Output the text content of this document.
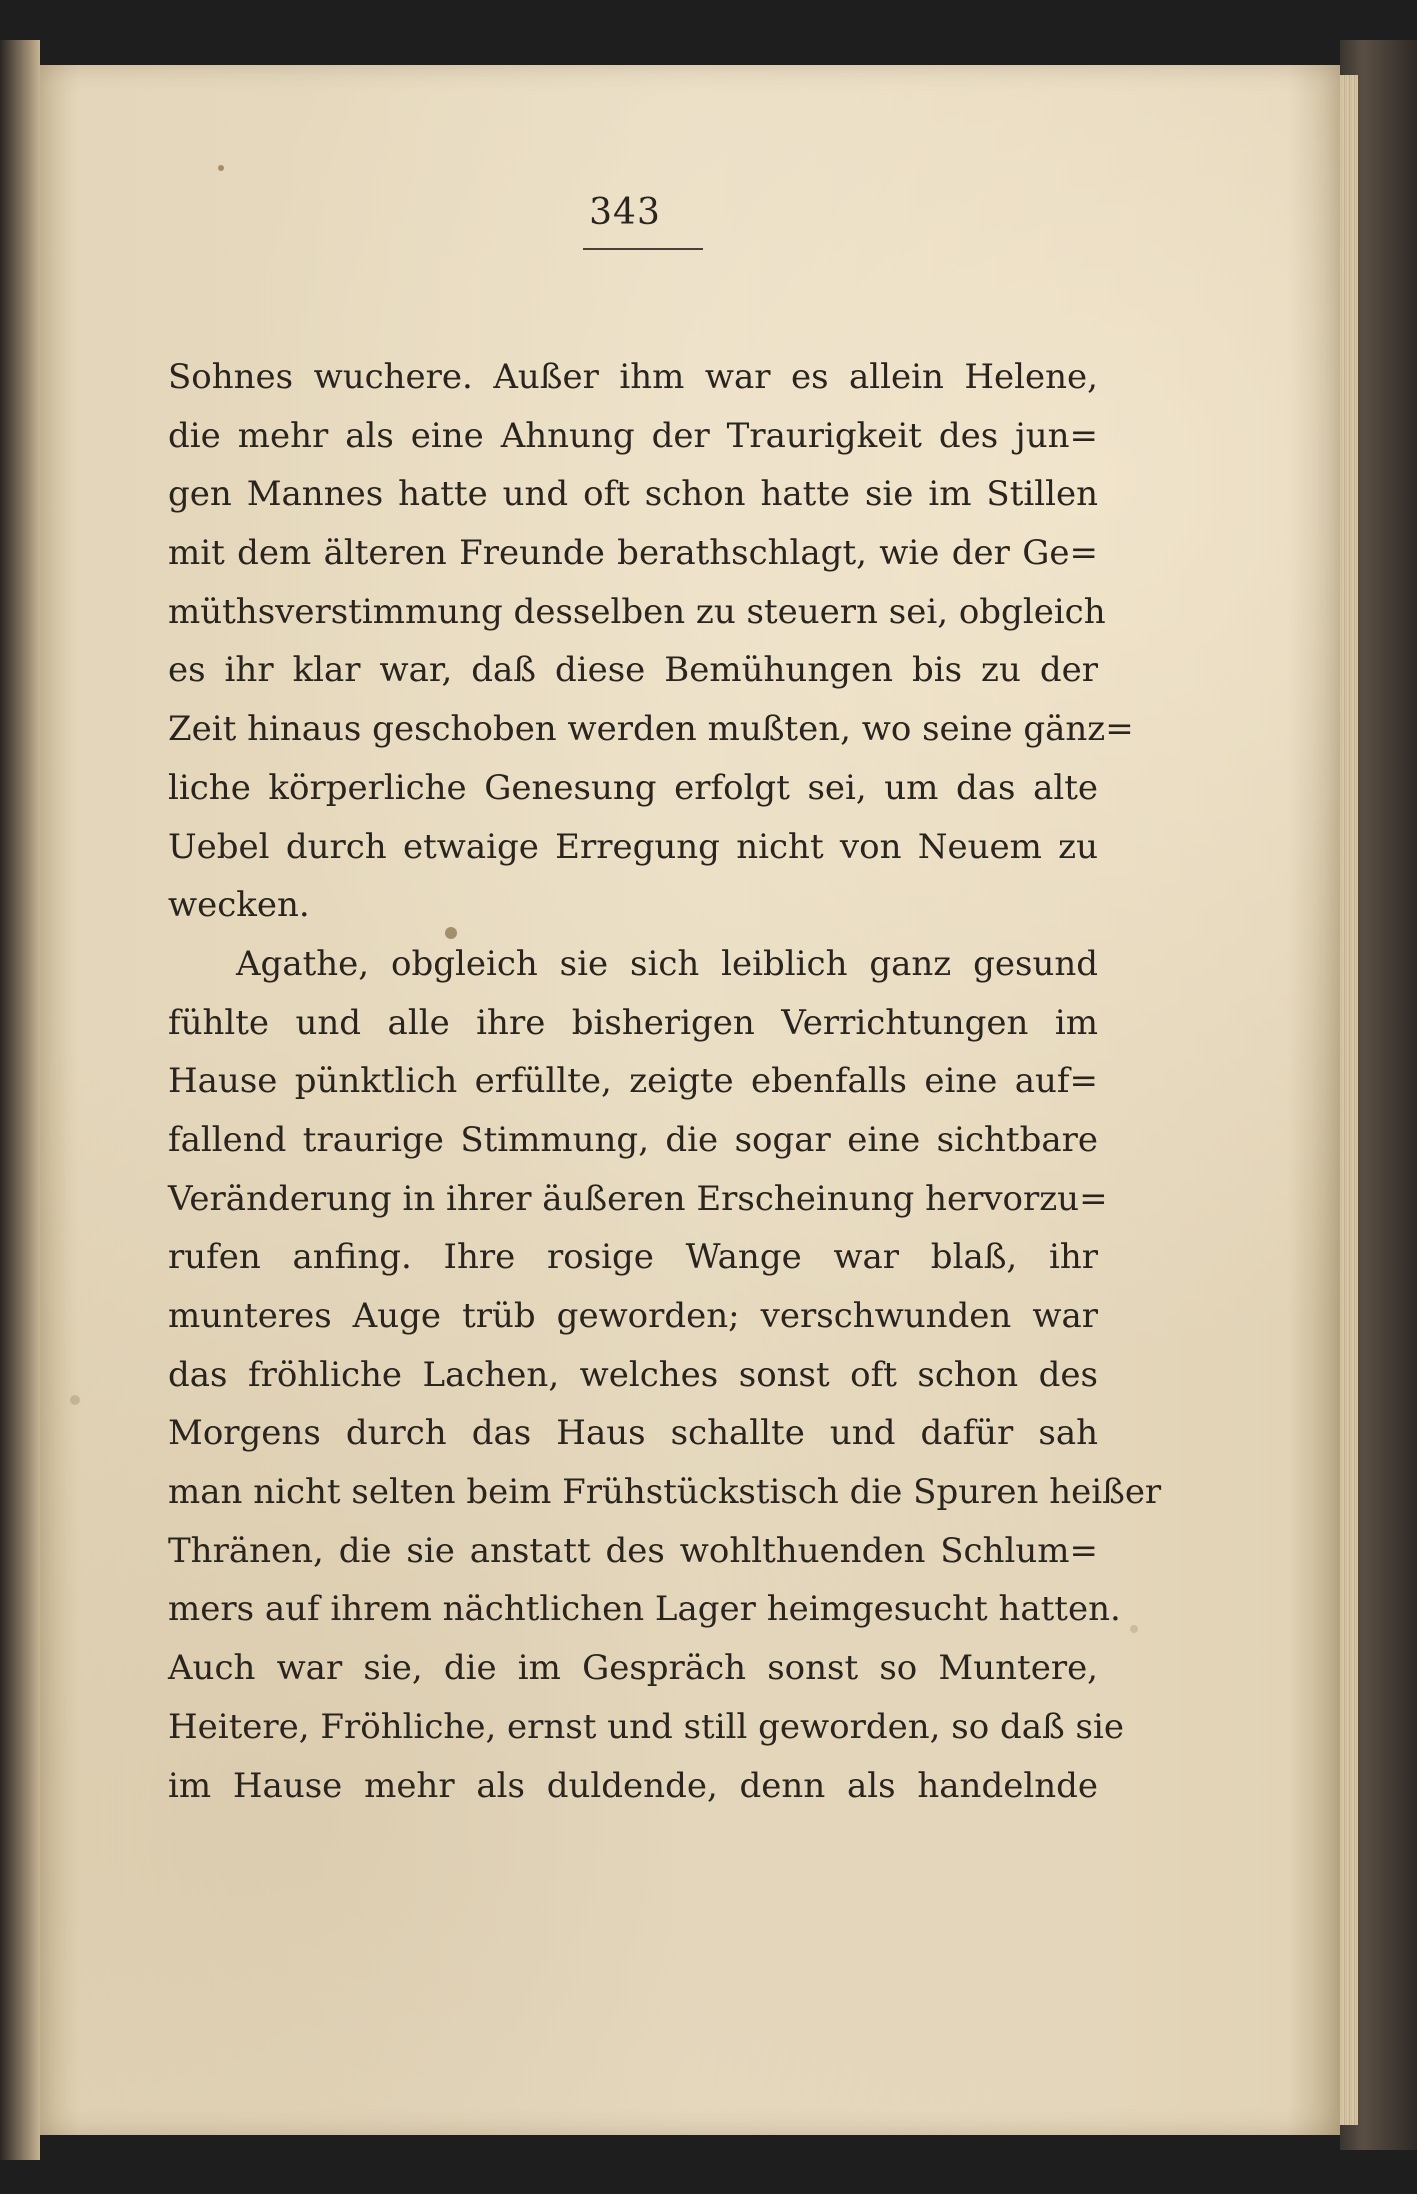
343
Sohnes wuchere. Außer ihm war es allein Helene,
die mehr als eine Ahnung der Traurigkeit des jun=
gen Mannes hatte und oft schon hatte sie im Stillen
mit dem älteren Freunde berathschlagt, wie der Ge=
müthsverstimmung desselben zu steuern sei, obgleich
es ihr klar war, daß diese Bemühungen bis zu der
Zeit hinaus geschoben werden mußten, wo seine gänz=
liche körperliche Genesung erfolgt sei, um das alte
Uebel durch etwaige Erregung nicht von Neuem zu
wecken.
Agathe, obgleich sie sich leiblich ganz gesund
fühlte und alle ihre bisherigen Verrichtungen im
Hause pünktlich erfüllte, zeigte ebenfalls eine auf=
fallend traurige Stimmung, die sogar eine sichtbare
Veränderung in ihrer äußeren Erscheinung hervorzu=
rufen anfing. Ihre rosige Wange war blaß, ihr
munteres Auge trüb geworden; verschwunden war
das fröhliche Lachen, welches sonst oft schon des
Morgens durch das Haus schallte und dafür sah
man nicht selten beim Frühstückstisch die Spuren heißer
Thränen, die sie anstatt des wohlthuenden Schlum=
mers auf ihrem nächtlichen Lager heimgesucht hatten.
Auch war sie, die im Gespräch sonst so Muntere,
Heitere, Fröhliche, ernst und still geworden, so daß sie
im Hause mehr als duldende, denn als handelnde
